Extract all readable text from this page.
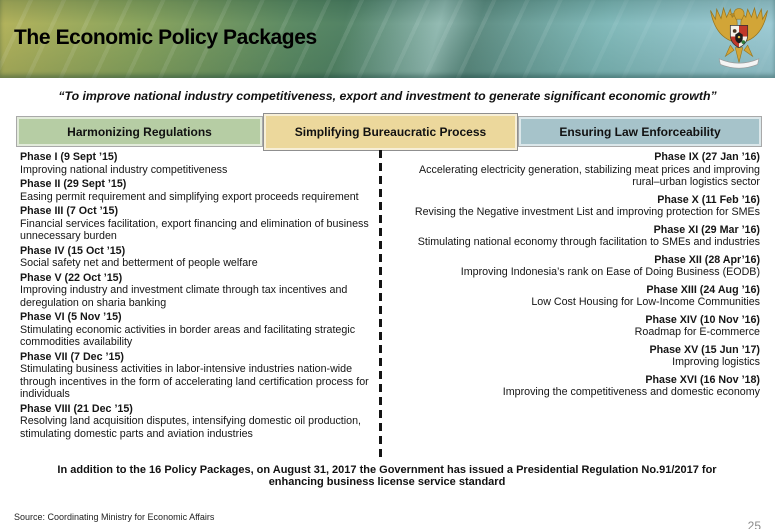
The Economic Policy Packages
“To improve national industry competitiveness, export and investment to generate significant economic growth”
Harmonizing Regulations	Simplifying Bureaucratic Process	Ensuring Law Enforceability
Phase I (9 Sept ’15)
Improving national industry competitiveness
Phase II (29 Sept ’15)
Easing permit requirement and simplifying export proceeds requirement
Phase III (7 Oct ’15)
Financial services facilitation, export financing and elimination of business unnecessary burden
Phase IV (15 Oct ’15)
Social safety net and betterment of people welfare
Phase V (22 Oct ’15)
Improving industry and investment climate through tax incentives and deregulation on sharia banking
Phase VI (5 Nov ’15)
Stimulating economic activities in border areas and facilitating strategic commodities availability
Phase VII (7 Dec ’15)
Stimulating business activities in labor-intensive industries nation-wide through incentives in the form of accelerating land certification process for individuals
Phase VIII (21 Dec ’15)
Resolving land acquisition disputes, intensifying domestic oil production, stimulating domestic parts and aviation industries
Phase IX (27 Jan ’16)
Accelerating electricity generation, stabilizing meat prices and improving rural–urban logistics sector
Phase X (11 Feb ’16)
Revising the Negative investment List and improving protection for SMEs
Phase XI (29 Mar ’16)
Stimulating national economy through facilitation to SMEs and industries
Phase XII (28 Apr’16)
Improving Indonesia’s rank on Ease of Doing Business (EODB)
Phase XIII (24 Aug ’16)
Low Cost Housing for Low-Income Communities
Phase XIV (10 Nov ’16)
Roadmap for E-commerce
Phase XV (15 Jun ’17)
Improving logistics
Phase XVI (16 Nov ’18)
Improving the competitiveness and domestic economy
In addition to the 16 Policy Packages, on August 31, 2017 the Government has issued a Presidential Regulation No.91/2017 for enhancing business license service standard
Source: Coordinating Ministry for Economic Affairs
25
